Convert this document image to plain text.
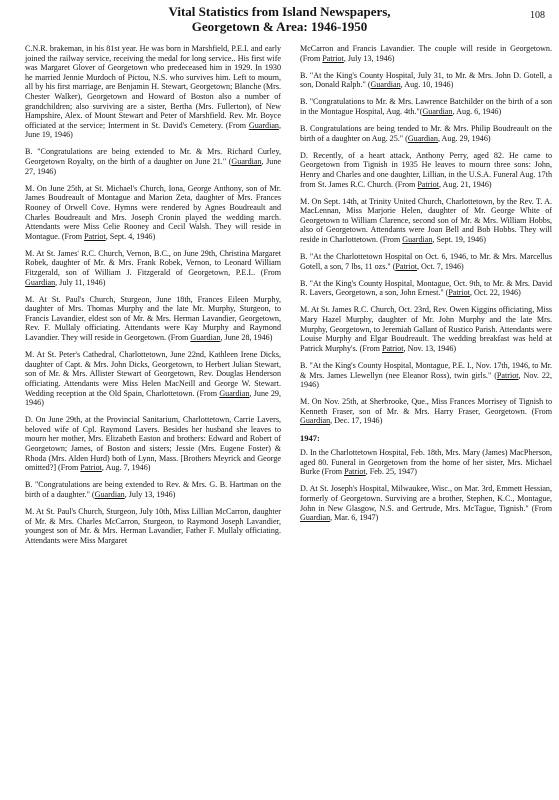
108
Vital Statistics from Island Newspapers,
Georgetown & Area: 1946-1950

C.N.R. brakeman, in his 81st year. He was born in Marshfield, P.E.I. and early joined the railway service, receiving the medal for long service.. His first wife was Margaret Glover of Georgetown who predeceased him in 1929. In 1930 he married Jennie Murdoch of Pictou, N.S. who survives him. Left to mourn, all by his first marriage, are Benjamin H. Stewart, Georgetown; Blanche (Mrs. Chester Walker), Georgetown and Howard of Boston also a number of grandchildren; also surviving are a sister, Bertha (Mrs. Fullerton), of New Hampshire, Alex. of Mount Stewart and Peter of Marshfield. Rev. Mr. Boyce officiated at the service; Interment in St. David's Cemetery. (From Guardian, June 19, 1946)

B. "Congratulations are being extended to Mr. & Mrs. Richard Curley, Georgetown Royalty, on the birth of a daughter on June 21." (Guardian, June 27, 1946)

M. On June 25th, at St. Michael's Church, Iona, George Anthony, son of Mr. James Boudreault of Montague and Marion Zeta, daughter of Mrs. Frances Rooney of Orwell Cove. Hymns were rendered by Agnes Boudreault and Charles Boudreault and Mrs. Joseph Cronin played the wedding march. Attendants were Miss Celie Rooney and Cecil Walsh. They will reside in Montague. (From Patriot, Sept. 4, 1946)

M. At St. James' R.C. Church, Vernon, B.C., on June 29th, Christina Margaret Robek, daughter of Mr. & Mrs. Frank Robek, Vernon, to Leonard William Fitzgerald, son of William J. Fitzgerald of Georgetown, P.E.I.. (From Guardian, July 11, 1946)

M. At St. Paul's Church, Sturgeon, June 18th, Frances Eileen Murphy, daughter of Mrs. Thomas Murphy and the late Mr. Murphy, Sturgeon, to Francis Lavandier, eldest son of Mr. & Mrs. Herman Lavandier, Georgetown, Rev. F. Mullaly officiating. Attendants were Kay Murphy and Raymond Lavandier. They will reside in Georgetown. (From Guardian, June 28, 1946)

M. At St. Peter's Cathedral, Charlottetown, June 22nd, Kathleen Irene Dicks, daughter of Capt. & Mrs. John Dicks, Georgetown, to Herbert Julian Stewart, son of Mr. & Mrs. Allister Stewart of Georgetown, Rev. Douglas Henderson officiating. Attendants were Miss Helen MacNeill and George W. Stewart. Wedding reception at the Old Spain, Charlottetown. (From Guardian, June 29, 1946)

D. On June 29th, at the Provincial Sanitarium, Charlottetown, Carrie Lavers, beloved wife of Cpl. Raymond Lavers. Besides her husband she leaves to mourn her mother, Mrs. Elizabeth Easton and brothers: Edward and Robert of Georgetown; James, of Boston and sisters; Jessie (Mrs. Eugene Foster) & Rhoda (Mrs. Alden Hurd) both of Lynn, Mass. [Brothers Meyrick and George omitted?] (From Patriot, Aug. 7, 1946)

B. "Congratulations are being extended to Rev. & Mrs. G. B. Hartman on the birth of a daughter." (Guardian, July 13, 1946)

M. At St. Paul's Church, Sturgeon, July 10th, Miss Lillian McCarron, daughter of Mr. & Mrs. Charles McCarron, Sturgeon, to Raymond Joseph Lavandier, youngest son of Mr. & Mrs. Herman Lavandier, Father F. Mullaly officiating. Attendants were Miss Margaret

McCarron and Francis Lavandier. The couple will reside in Georgetown. (From Patriot, July 13, 1946)

B. "At the King's County Hospital, July 31, to Mr. & Mrs. John D. Gotell, a son, Donald Ralph." (Guardian, Aug. 10, 1946)

B. "Congratulations to Mr. & Mrs. Lawrence Batchilder on the birth of a son in the Montague Hospital, Aug. 4th."(Guardian, Aug. 6, 1946)

B. Congratulations are being tended to Mr. & Mrs. Philip Boudreault on the birth of a daughter on Aug. 25." (Guardian, Aug. 29, 1946)

D. Recently, of a heart attack, Anthony Perry, aged 82. He came to Georgetown from Tignish in 1935 He leaves to mourn three sons: John, Henry and Charles and one daughter, Lillian, in the U.S.A. Funeral Aug. 17th from St. James R.C. Church. (From Patriot, Aug. 21, 1946)

M. On Sept. 14th, at Trinity United Church, Charlottetown, by the Rev. T. A. MacLennan, Miss Marjorie Helen, daughter of Mr. George White of Georgetown to William Clarence, second son of Mr. & Mrs. William Hobbs, also of Georgetown. Attendants were Joan Bell and Bob Hobbs. They will reside in Charlottetown. (From Guardian, Sept. 19, 1946)

B. "At the Charlottetown Hospital on Oct. 6, 1946, to Mr. & Mrs. Marcellus Gotell, a son, 7 lbs, 11 ozs." (Patriot, Oct. 7, 1946)

B. "At the King's County Hospital, Montague, Oct. 9th, to Mr. & Mrs. David R. Lavers, Georgetown, a son, John Ernest." (Patriot, Oct. 22, 1946)

M. At St. James R.C. Church, Oct. 23rd, Rev. Owen Kiggins officiating, Miss Mary Hazel Murphy, daughter of Mr. John Murphy and the late Mrs. Murphy, Georgetown, to Jeremiah Gallant of Rustico Parish. Attendants were Louise Murphy and Elgar Boudreault. The wedding breakfast was held at Patrick Murphy's. (From Patriot, Nov. 13, 1946)

B. "At the King's County Hospital, Montague, P.E. I., Nov. 17th, 1946, to Mr. & Mrs. James Llewellyn (nee Eleanor Ross), twin girls." (Patriot, Nov. 22, 1946)

M. On Nov. 25th, at Sherbrooke, Que., Miss Frances Morrisey of Tignish to Kenneth Fraser, son of Mr. & Mrs. Harry Fraser, Georgetown. (From Guardian, Dec. 17, 1946)

1947:

D. In the Charlottetown Hospital, Feb. 18th, Mrs. Mary (James) MacPherson, aged 80. Funeral in Georgetown from the home of her sister, Mrs. Michael Burke (From Patriot, Feb. 25, 1947)

D. At St. Joseph's Hospital, Milwaukee, Wisc., on Mar. 3rd, Emmett Hessian, formerly of Georgetown. Surviving are a brother, Stephen, K.C., Montague, John in New Glasgow, N.S. and Gertrude, Mrs. McTague, Tignish." (From Guardian, Mar. 6, 1947)
